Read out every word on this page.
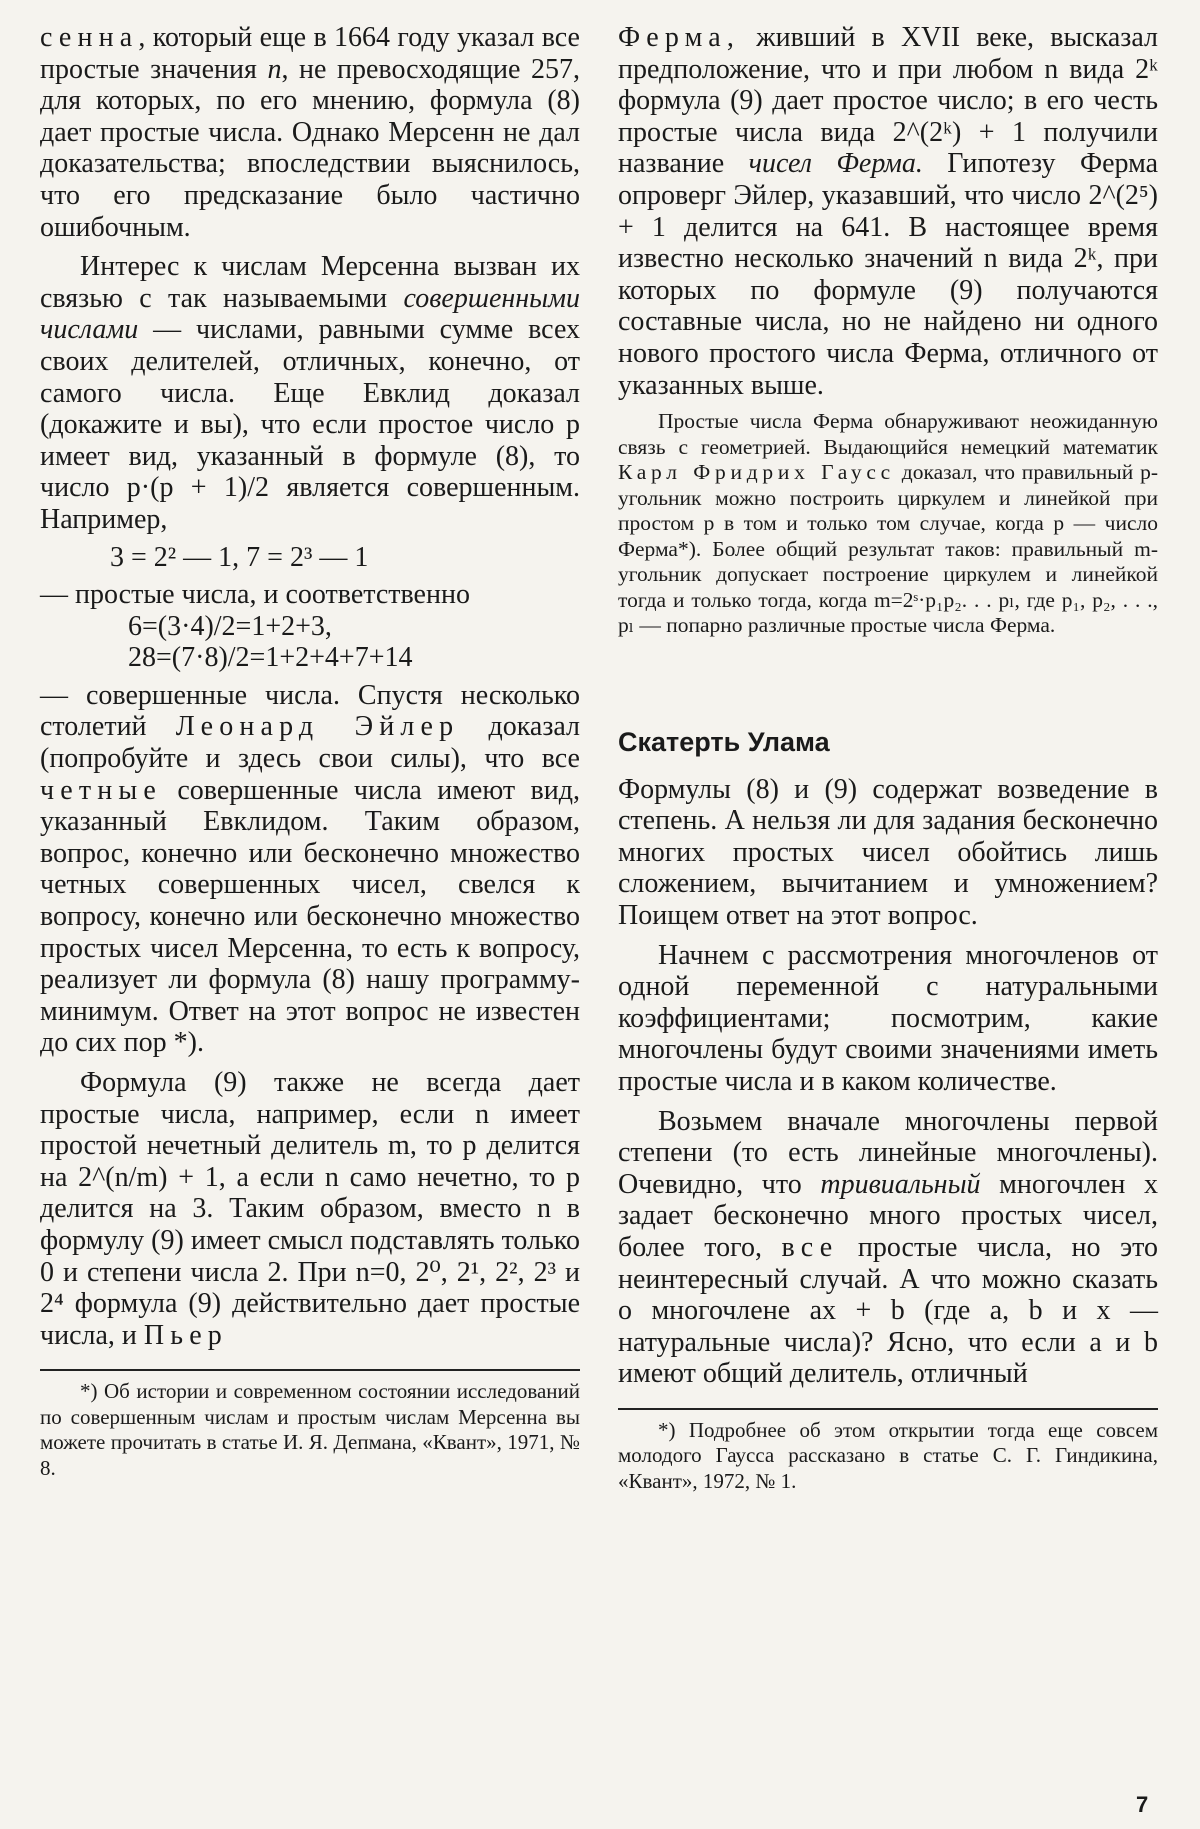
сенна, который еще в 1664 году указал все простые значения n, не превосходящие 257, для которых, по его мнению, формула (8) дает простые числа. Однако Мерсенн не дал доказательства; впоследствии выяснилось, что его предсказание было частично ошибочным.

Интерес к числам Мерсенна вызван их связью с так называемыми совершенными числами — числами, равными сумме всех своих делителей, отличных, конечно, от самого числа. Еще Евклид доказал (докажите и вы), что если простое число p имеет вид, указанный в формуле (8), то число p·(p + 1)/2 является совершенным. Например,

3 = 2² — 1, 7 = 2³ — 1

— простые числа, и соответственно

6=(3·4)/2=1+2+3,

28=(7·8)/2=1+2+4+7+14

— совершенные числа. Спустя несколько столетий Леонард Эйлер доказал (попробуйте и здесь свои силы), что все четные совершенные числа имеют вид, указанный Евклидом. Таким образом, вопрос, конечно или бесконечно множество четных совершенных чисел, свелся к вопросу, конечно или бесконечно множество простых чисел Мерсенна, то есть к вопросу, реализует ли формула (8) нашу программу-минимум. Ответ на этот вопрос не известен до сих пор *).

Формула (9) также не всегда дает простые числа, например, если n имеет простой нечетный делитель m, то p делится на 2^(n/m) + 1, а если n само нечетно, то p делится на 3. Таким образом, вместо n в формулу (9) имеет смысл подставлять только 0 и степени числа 2. При n=0, 2⁰, 2¹, 2², 2³ и 2⁴ формула (9) действительно дает простые числа, и Пьер

*) Об истории и современном состоянии исследований по совершенным числам и простым числам Мерсенна вы можете прочитать в статье И. Я. Депмана, «Квант», 1971, № 8.

Ферма, живший в XVII веке, высказал предположение, что и при любом n вида 2ᵏ формула (9) дает простое число; в его честь простые числа вида 2^(2ᵏ) + 1 получили название чисел Ферма. Гипотезу Ферма опроверг Эйлер, указавший, что число 2^(2⁵) + 1 делится на 641. В настоящее время известно несколько значений n вида 2ᵏ, при которых по формуле (9) получаются составные числа, но не найдено ни одного нового простого числа Ферма, отличного от указанных выше.

Простые числа Ферма обнаруживают неожиданную связь с геометрией. Выдающийся немецкий математик Карл Фридрих Гаусс доказал, что правильный p-угольник можно построить циркулем и линейкой при простом p в том и только том случае, когда p — число Ферма*). Более общий результат таков: правильный m-угольник допускает построение циркулем и линейкой тогда и только тогда, когда m=2ˢ·p₁p₂. . . pₗ, где p₁, p₂, . . ., pₗ — попарно различные простые числа Ферма.

Скатерть Улама

Формулы (8) и (9) содержат возведение в степень. А нельзя ли для задания бесконечно многих простых чисел обойтись лишь сложением, вычитанием и умножением? Поищем ответ на этот вопрос.

Начнем с рассмотрения многочленов от одной переменной с натуральными коэффициентами; посмотрим, какие многочлены будут своими значениями иметь простые числа и в каком количестве.

Возьмем вначале многочлены первой степени (то есть линейные многочлены). Очевидно, что тривиальный многочлен x задает бесконечно много простых чисел, более того, все простые числа, но это неинтересный случай. А что можно сказать о многочлене ax + b (где a, b и x — натуральные числа)? Ясно, что если a и b имеют общий делитель, отличный

*) Подробнее об этом открытии тогда еще совсем молодого Гаусса рассказано в статье С. Г. Гиндикина, «Квант», 1972, № 1.

7
